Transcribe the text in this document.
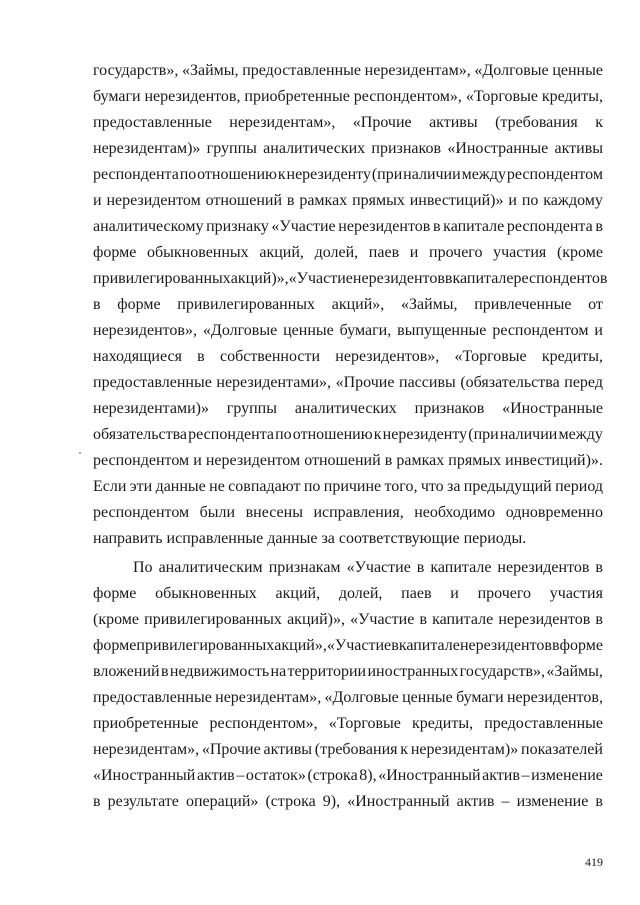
государств», «Займы, предоставленные нерезидентам», «Долговые ценные
бумаги нерезидентов, приобретенные респондентом», «Торговые кредиты,
предоставленные нерезидентам», «Прочие активы (требования к
нерезидентам)» группы аналитических признаков «Иностранные активы
респондента по отношению к нерезиденту (при наличии между респондентом
и нерезидентом отношений в рамках прямых инвестиций)» и по каждому
аналитическому признаку «Участие нерезидентов в капитале респондента в
форме обыкновенных акций, долей, паев и прочего участия (кроме
привилегированных акций)», «Участие нерезидентов в капитале респондентов
в форме привилегированных акций», «Займы, привлеченные от
нерезидентов», «Долговые ценные бумаги, выпущенные респондентом и
находящиеся в собственности нерезидентов», «Торговые кредиты,
предоставленные нерезидентами», «Прочие пассивы (обязательства перед
нерезидентами)» группы аналитических признаков «Иностранные
обязательства респондента по отношению к нерезиденту (при наличии между
респондентом и нерезидентом отношений в рамках прямых инвестиций)».
Если эти данные не совпадают по причине того, что за предыдущий период
респондентом были внесены исправления, необходимо одновременно
направить исправленные данные за соответствующие периоды.
По аналитическим признакам «Участие в капитале нерезидентов в
форме обыкновенных акций, долей, паев и прочего участия
(кроме привилегированных акций)», «Участие в капитале нерезидентов в
форме привилегированных акций», «Участие в капитале нерезидентов в форме
вложений в недвижимость на территории иностранных государств», «Займы,
предоставленные нерезидентам», «Долговые ценные бумаги нерезидентов,
приобретенные респондентом», «Торговые кредиты, предоставленные
нерезидентам», «Прочие активы (требования к нерезидентам)» показателей
«Иностранный актив – остаток» (строка 8), «Иностранный актив – изменение
в результате операций» (строка 9), «Иностранный актив – изменение в
419
